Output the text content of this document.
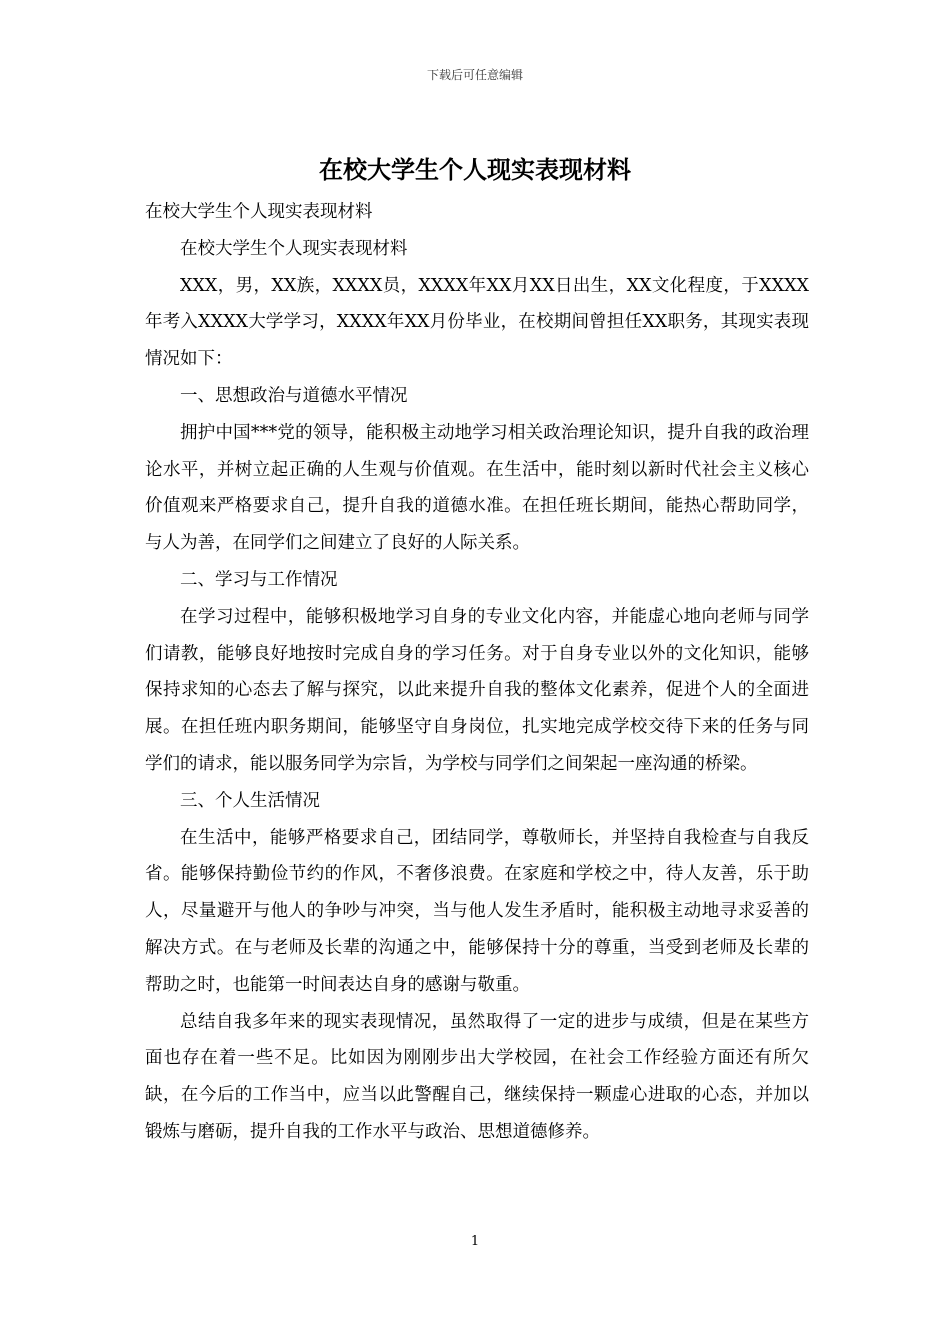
下载后可任意编辑
在校大学生个人现实表现材料

在校大学生个人现实表现材料

在校大学生个人现实表现材料

XXX，男，XX族，XXXX员，XXXX年XX月XX日出生，XX文化程度，于XXXX年考入XXXX大学学习，XXXX年XX月份毕业，在校期间曾担任XX职务，其现实表现情况如下：

一、思想政治与道德水平情况

拥护中国***党的领导，能积极主动地学习相关政治理论知识，提升自我的政治理论水平，并树立起正确的人生观与价值观。在生活中，能时刻以新时代社会主义核心价值观来严格要求自己，提升自我的道德水准。在担任班长期间，能热心帮助同学，与人为善，在同学们之间建立了良好的人际关系。

二、学习与工作情况

在学习过程中，能够积极地学习自身的专业文化内容，并能虚心地向老师与同学们请教，能够良好地按时完成自身的学习任务。对于自身专业以外的文化知识，能够保持求知的心态去了解与探究，以此来提升自我的整体文化素养，促进个人的全面进展。在担任班内职务期间，能够坚守自身岗位，扎实地完成学校交待下来的任务与同学们的请求，能以服务同学为宗旨，为学校与同学们之间架起一座沟通的桥梁。

三、个人生活情况

在生活中，能够严格要求自己，团结同学，尊敬师长，并坚持自我检查与自我反省。能够保持勤俭节约的作风，不奢侈浪费。在家庭和学校之中，待人友善，乐于助人，尽量避开与他人的争吵与冲突，当与他人发生矛盾时，能积极主动地寻求妥善的解决方式。在与老师及长辈的沟通之中，能够保持十分的尊重，当受到老师及长辈的帮助之时，也能第一时间表达自身的感谢与敬重。

总结自我多年来的现实表现情况，虽然取得了一定的进步与成绩，但是在某些方面也存在着一些不足。比如因为刚刚步出大学校园，在社会工作经验方面还有所欠缺，在今后的工作当中，应当以此警醒自己，继续保持一颗虚心进取的心态，并加以锻炼与磨砺，提升自我的工作水平与政治、思想道德修养。

1
